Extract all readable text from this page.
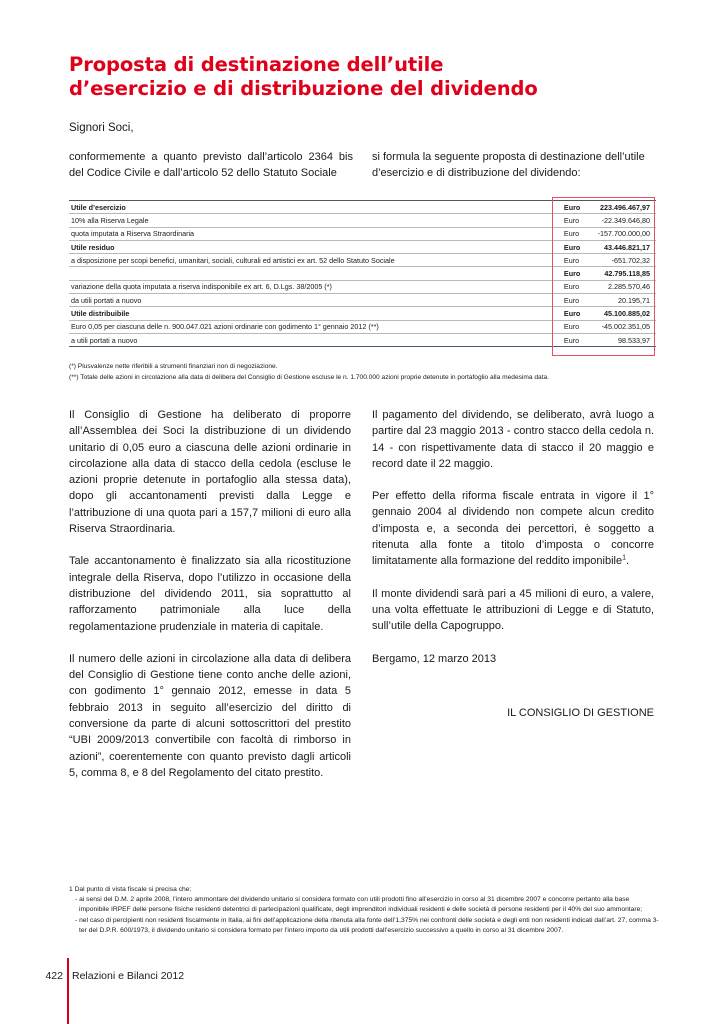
Proposta di destinazione dell’utile
d’esercizio e di distribuzione del dividendo
Signori Soci,

conformemente a quanto previsto dall’articolo 2364 bis del Codice Civile e dall’articolo 52 dello Statuto Sociale

si formula la seguente proposta di destinazione dell’utile d’esercizio e di distribuzione del dividendo:

Utile d’esercizio	Euro	223.496.467,97
10% alla Riserva Legale	Euro	-22.349.646,80
quota imputata a Riserva Straordinaria	Euro	-157.700.000,00
Utile residuo	Euro	43.446.821,17
a disposizione per scopi benefici, umanitari, sociali, culturali ed artistici ex art. 52 dello Statuto Sociale	Euro	-651.702,32
	Euro	42.795.118,85
variazione della quota imputata a riserva indisponibile ex art. 6, D.Lgs. 38/2005 (*)	Euro	2.285.570,46
da utili portati a nuovo	Euro	20.195,71
Utile distribuibile	Euro	45.100.885,02
Euro 0,05 per ciascuna delle n. 900.047.021 azioni ordinarie con godimento 1° gennaio 2012 (**)	Euro	-45.002.351,05
a utili portati a nuovo	Euro	98.533,97
(*) Plusvalenze nette riferibili a strumenti finanziari non di negoziazione.
(**) Totale delle azioni in circolazione alla data di delibera del Consiglio di Gestione escluse le n. 1.700.000 azioni proprie detenute in portafoglio alla medesima data.

Il Consiglio di Gestione ha deliberato di proporre all’Assemblea dei Soci la distribuzione di un dividendo unitario di 0,05 euro a ciascuna delle azioni ordinarie in circolazione alla data di stacco della cedola (escluse le azioni proprie detenute in portafoglio alla stessa data), dopo gli accantonamenti previsti dalla Legge e l’attribuzione di una quota pari a 157,7 milioni di euro alla Riserva Straordinaria.

Tale accantonamento è finalizzato sia alla ricostituzione integrale della Riserva, dopo l’utilizzo in occasione della distribuzione del dividendo 2011, sia soprattutto al rafforzamento patrimoniale alla luce della regolamentazione prudenziale in materia di capitale.

Il numero delle azioni in circolazione alla data di delibera del Consiglio di Gestione tiene conto anche delle azioni, con godimento 1° gennaio 2012, emesse in data 5 febbraio 2013 in seguito all’esercizio del diritto di conversione da parte di alcuni sottoscrittori del prestito “UBI 2009/2013 convertibile con facoltà di rimborso in azioni”, coerentemente con quanto previsto dagli articoli 5, comma 8, e 8 del Regolamento del citato prestito.

Il pagamento del dividendo, se deliberato, avrà luogo a partire dal 23 maggio 2013 - contro stacco della cedola n. 14 - con rispettivamente data di stacco il 20 maggio e record date il 22 maggio.

Per effetto della riforma fiscale entrata in vigore il 1° gennaio 2004 al dividendo non compete alcun credito d’imposta e, a seconda dei percettori, è soggetto a ritenuta alla fonte a titolo d’imposta o concorre limitatamente alla formazione del reddito imponibile$^1$.

Il monte dividendi sarà pari a 45 milioni di euro, a valere, una volta effettuate le attribuzioni di Legge e di Statuto, sull’utile della Capogruppo.

Bergamo, 12 marzo 2013

IL CONSIGLIO DI GESTIONE

1 Dal punto di vista fiscale si precisa che:
- ai sensi del D.M. 2 aprile 2008, l’intero ammontare del dividendo unitario si considera formato con utili prodotti fino all’esercizio in corso al 31 dicembre 2007 e concorre pertanto alla base imponibile IRPEF delle persone fisiche residenti detentrici di partecipazioni qualificate, degli imprenditori individuali residenti e delle società di persone residenti per il 40% del suo ammontare;
- nel caso di percipienti non residenti fiscalmente in Italia, ai fini dell’applicazione della ritenuta alla fonte dell’1,375% nei confronti delle società e degli enti non residenti indicati dall’art. 27, comma 3-ter del D.P.R. 600/1973, il dividendo unitario si considera formato per l’intero importo da utili prodotti dall’esercizio successivo a quello in corso al 31 dicembre 2007.
422 Relazioni e Bilanci 2012
